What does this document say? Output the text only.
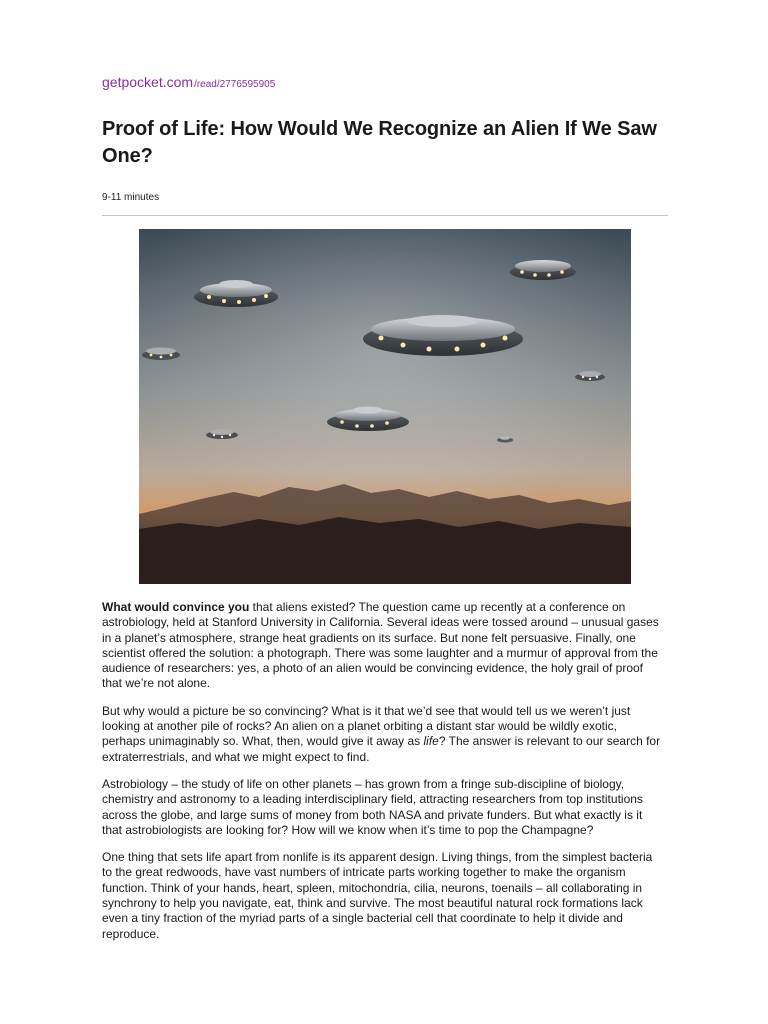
getpocket.com/read/2776595905

Proof of Life: How Would We Recognize an Alien If We Saw One?

9-11 minutes

What would convince you that aliens existed? The question came up recently at a conference on astrobiology, held at Stanford University in California. Several ideas were tossed around – unusual gases in a planet’s atmosphere, strange heat gradients on its surface. But none felt persuasive. Finally, one scientist offered the solution: a photograph. There was some laughter and a murmur of approval from the audience of researchers: yes, a photo of an alien would be convincing evidence, the holy grail of proof that we’re not alone.

But why would a picture be so convincing? What is it that we’d see that would tell us we weren’t just looking at another pile of rocks? An alien on a planet orbiting a distant star would be wildly exotic, perhaps unimaginably so. What, then, would give it away as life? The answer is relevant to our search for extraterrestrials, and what we might expect to find.

Astrobiology – the study of life on other planets – has grown from a fringe sub-discipline of biology, chemistry and astronomy to a leading interdisciplinary field, attracting researchers from top institutions across the globe, and large sums of money from both NASA and private funders. But what exactly is it that astrobiologists are looking for? How will we know when it’s time to pop the Champagne?

One thing that sets life apart from nonlife is its apparent design. Living things, from the simplest bacteria to the great redwoods, have vast numbers of intricate parts working together to make the organism function. Think of your hands, heart, spleen, mitochondria, cilia, neurons, toenails – all collaborating in synchrony to help you navigate, eat, think and survive. The most beautiful natural rock formations lack even a tiny fraction of the myriad parts of a single bacterial cell that coordinate to help it divide and reproduce.
